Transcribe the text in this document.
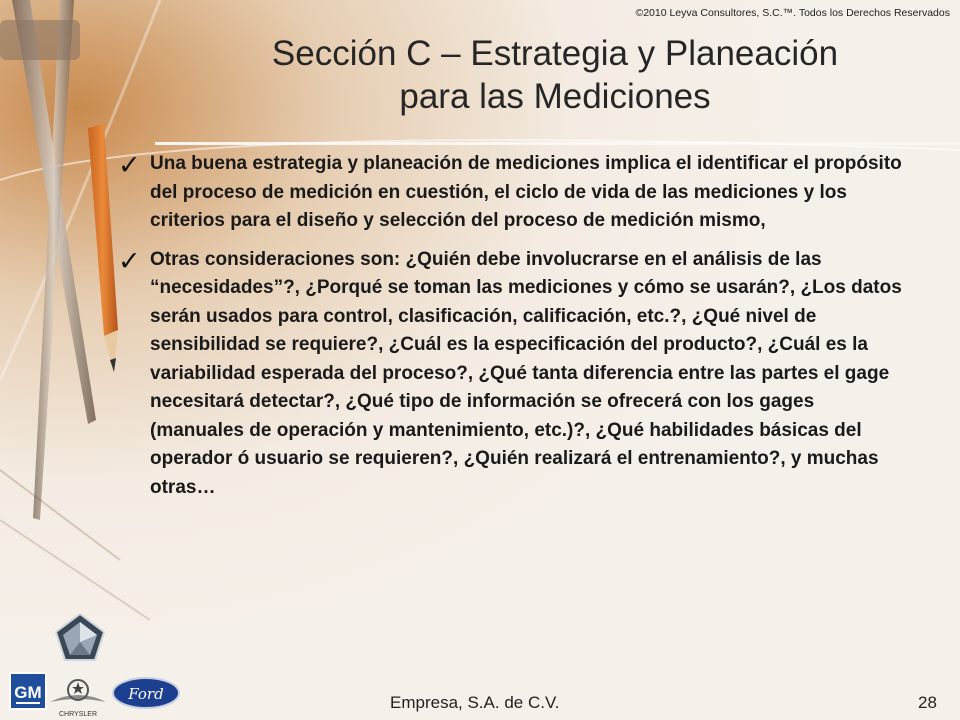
©2010 Leyva Consultores, S.C.™. Todos los Derechos Reservados
Sección C – Estrategia y Planeación
para las Mediciones
✓ Una buena estrategia y planeación de mediciones implica el identificar el propósito del proceso de medición en cuestión, el ciclo de vida de las mediciones y los criterios para el diseño y selección del proceso de medición mismo,
✓ Otras consideraciones son: ¿Quién debe involucrarse en el análisis de las “necesidades”?, ¿Porqué se toman las mediciones y cómo se usarán?, ¿Los datos serán usados para control, clasificación, calificación, etc.?, ¿Qué nivel de sensibilidad se requiere?, ¿Cuál es la especificación del producto?, ¿Cuál es la variabilidad esperada del proceso?, ¿Qué tanta diferencia entre las partes el gage necesitará detectar?, ¿Qué tipo de información se ofrecerá con los gages (manuales de operación y mantenimiento, etc.)?, ¿Qué habilidades básicas del operador ó usuario se requieren?, ¿Quién realizará el entrenamiento?, y muchas otras…
GM
CHRYSLER
Ford	Empresa, S.A. de C.V.	28
